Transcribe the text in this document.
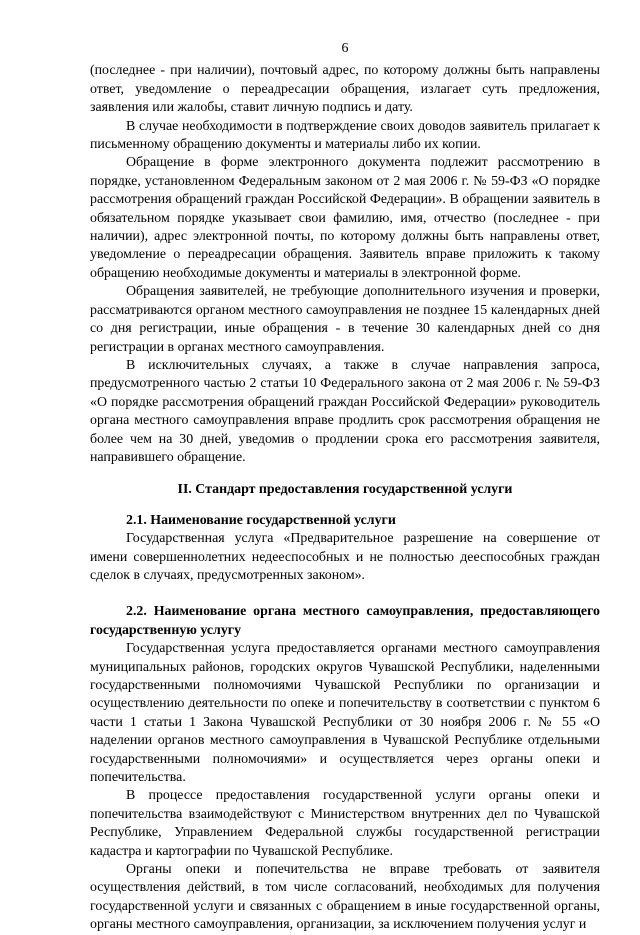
6

(последнее - при наличии), почтовый адрес, по которому должны быть направлены ответ, уведомление о переадресации обращения, излагает суть предложения, заявления или жалобы, ставит личную подпись и дату.

В случае необходимости в подтверждение своих доводов заявитель прилагает к письменному обращению документы и материалы либо их копии.

Обращение в форме электронного документа подлежит рассмотрению в порядке, установленном Федеральным законом от 2 мая 2006 г. № 59-ФЗ «О порядке рассмотрения обращений граждан Российской Федерации». В обращении заявитель в обязательном порядке указывает свои фамилию, имя, отчество (последнее - при наличии), адрес электронной почты, по которому должны быть направлены ответ, уведомление о переадресации обращения. Заявитель вправе приложить к такому обращению необходимые документы и материалы в электронной форме.

Обращения заявителей, не требующие дополнительного изучения и проверки, рассматриваются органом местного самоуправления не позднее 15 календарных дней со дня регистрации, иные обращения - в течение 30 календарных дней со дня регистрации в органах местного самоуправления.

В исключительных случаях, а также в случае направления запроса, предусмотренного частью 2 статьи 10 Федерального закона от 2 мая 2006 г. № 59-ФЗ «О порядке рассмотрения обращений граждан Российской Федерации» руководитель органа местного самоуправления вправе продлить срок рассмотрения обращения не более чем на 30 дней, уведомив о продлении срока его рассмотрения заявителя, направившего обращение.

II. Стандарт предоставления государственной услуги
2.1. Наименование государственной услуги

Государственная услуга «Предварительное разрешение на совершение от имени совершеннолетних недееспособных и не полностью дееспособных граждан сделок в случаях, предусмотренных законом».

2.2. Наименование органа местного самоуправления, предоставляющего государственную услугу

Государственная услуга предоставляется органами местного самоуправления муниципальных районов, городских округов Чувашской Республики, наделенными государственными полномочиями Чувашской Республики по организации и осуществлению деятельности по опеке и попечительству в соответствии с пунктом 6 части 1 статьи 1 Закона Чувашской Республики от 30 ноября 2006 г. № 55 «О наделении органов местного самоуправления в Чувашской Республике отдельными государственными полномочиями» и осуществляется через органы опеки и попечительства.

В процессе предоставления государственной услуги органы опеки и попечительства взаимодействуют с Министерством внутренних дел по Чувашской Республике, Управлением Федеральной службы государственной регистрации кадастра и картографии по Чувашской Республике.

Органы опеки и попечительства не вправе требовать от заявителя осуществления действий, в том числе согласований, необходимых для получения государственной услуги и связанных с обращением в иные государственной органы, органы местного самоуправления, организации, за исключением получения услуг и
